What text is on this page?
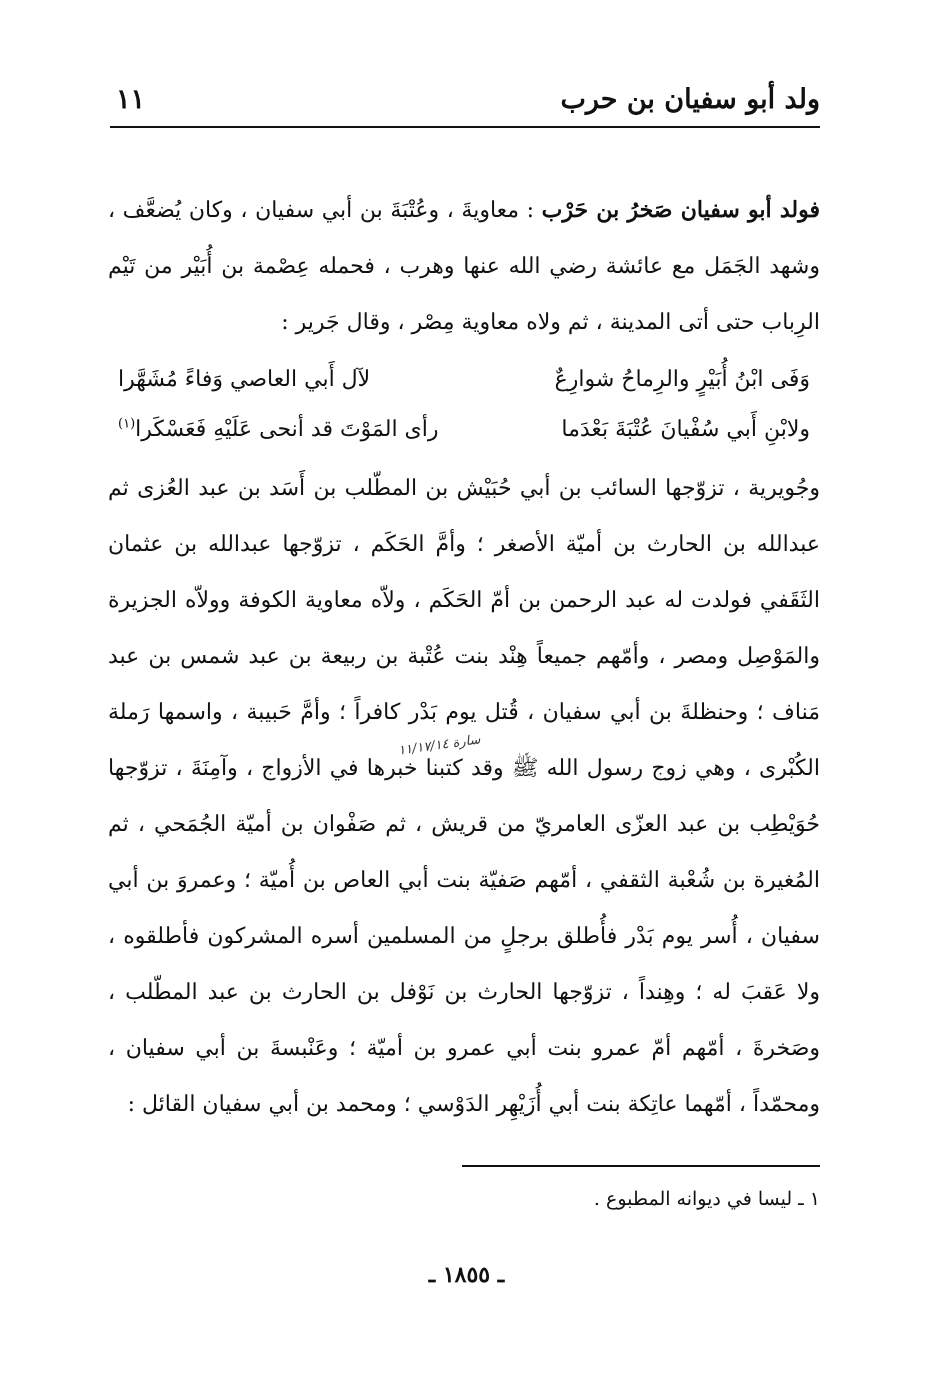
ولد أبو سفيان بن حرب
١١

فولد أبو سفيان صَخرُ بن حَرْب : معاويةَ ، وعُتْبَةَ بن أبي سفيان ، وكان يُضعَّف ، وشهد الجَمَل مع عائشة رضي الله عنها وهرب ، فحمله عِصْمة بن أُبَيْر من تَيْم الرِباب حتى أتى المدينة ، ثم ولاه معاوية مِصْر ، وقال جَرير :

وَفَى ابْنُ أُبَيْرٍ والرِماحُ شوارِعٌ
لآل أَبي العاصي وَفاءً مُشَهَّرا
ولابْنِ أَبي سُفْيانَ عُتْبَةَ بَعْدَما
رأى المَوْتَ قد أنحى عَلَيْهِ فَعَسْكَرا$^{(١)}$

وجُويرية ، تزوّجها السائب بن أبي حُبَيْش بن المطّلب بن أَسَد بن عبد العُزى ثم عبدالله بن الحارث بن أميّة الأصغر ؛ وأمَّ الحَكَم ، تزوّجها عبدالله بن عثمان الثَقَفي فولدت له عبد الرحمن بن أمّ الحَكَم ، ولاّه معاوية الكوفة وولاّه الجزيرة والمَوْصِل ومصر ، وأمّهم جميعاً هِنْد بنت عُتْبة بن ربيعة بن عبد شمس بن عبد مَناف ؛ وحنظلةَ بن أبي سفيان ، قُتل يوم بَدْر كافراً ؛ وأمَّ حَبيبة ، واسمها رَملة الكُبْرى ، وهي زوج رسول الله ﷺ وقد كتبنا خبرها في الأزواج ، وآمِنَةَ ، تزوّجها حُوَيْطِب بن عبد العزّى العامريّ من قريش ، ثم صَفْوان بن أميّة الجُمَحي ، ثم المُغيرة بن شُعْبة الثقفي ، أمّهم صَفيّة بنت أبي العاص بن أُميّة ؛ وعمروَ بن أبي سفيان ، أُسر يوم بَدْر فأُطلق برجلٍ من المسلمين أسره المشركون فأطلقوه ، ولا عَقبَ له ؛ وهِنداً ، تزوّجها الحارث بن نَوْفل بن الحارث بن عبد المطّلب ، وصَخرةَ ، أمّهم أمّ عمرو بنت أبي عمرو بن أميّة ؛ وعَنْبسةَ بن أبي سفيان ، ومحمّداً ، أمّهما عاتِكة بنت أبي أُزَيْهِر الدَوْسي ؛ ومحمد بن أبي سفيان القائل :

سارة ١١/١٧/١٤
١ ـ ليسا في ديوانه المطبوع .
ـ ١٨٥٥ ـ
